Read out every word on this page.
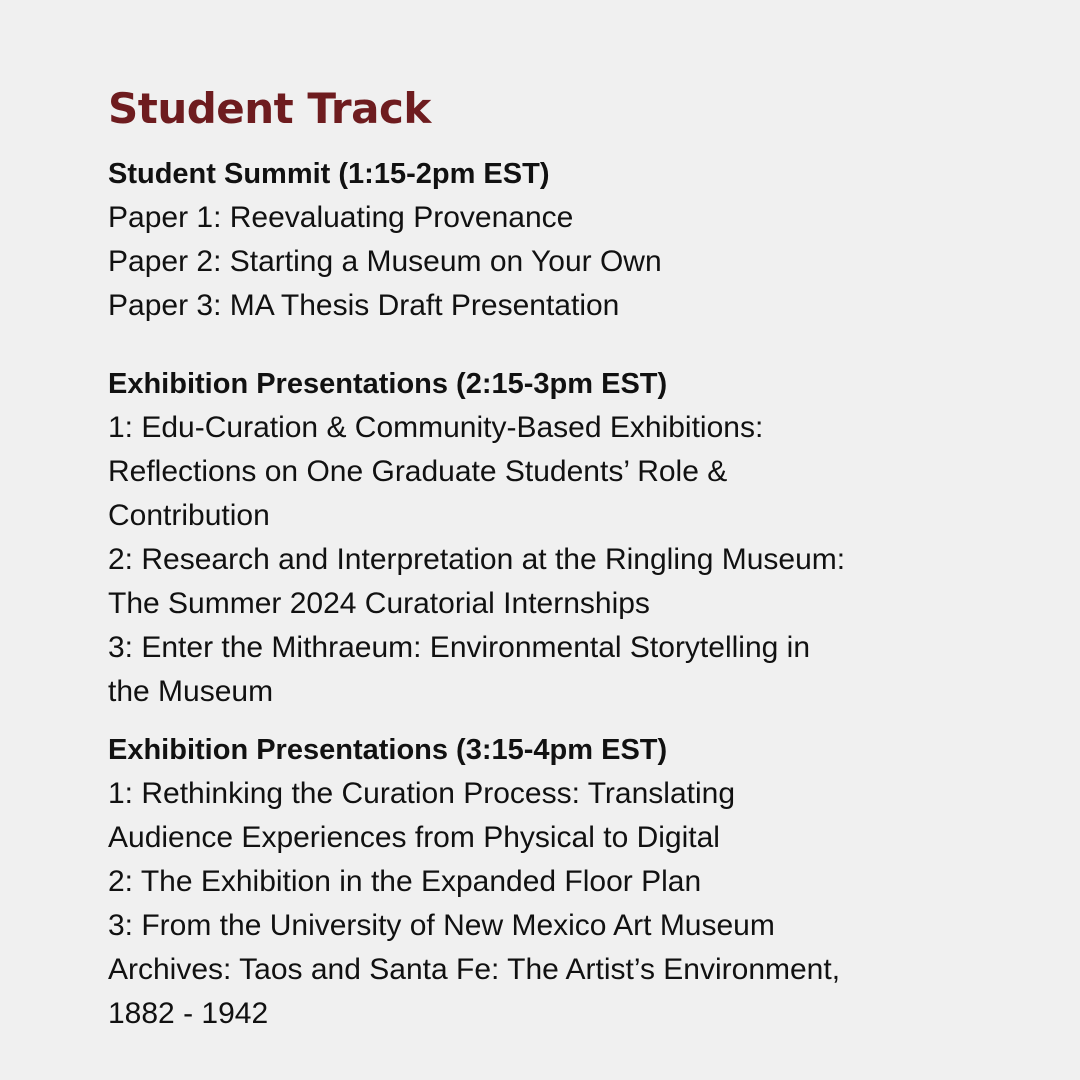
Student Track

Student Summit (1:15-2pm EST)

Paper 1: Reevaluating Provenance

Paper 2: Starting a Museum on Your Own

Paper 3: MA Thesis Draft Presentation

Exhibition Presentations (2:15-3pm EST)

1: Edu-Curation & Community-Based Exhibitions:
Reflections on One Graduate Students’ Role &
Contribution

2: Research and Interpretation at the Ringling Museum:
The Summer 2024 Curatorial Internships

3: Enter the Mithraeum: Environmental Storytelling in
the Museum

Exhibition Presentations (3:15-4pm EST)

1: Rethinking the Curation Process: Translating
Audience Experiences from Physical to Digital

2: The Exhibition in the Expanded Floor Plan

3: From the University of New Mexico Art Museum
Archives: Taos and Santa Fe: The Artist’s Environment,
1882 - 1942
